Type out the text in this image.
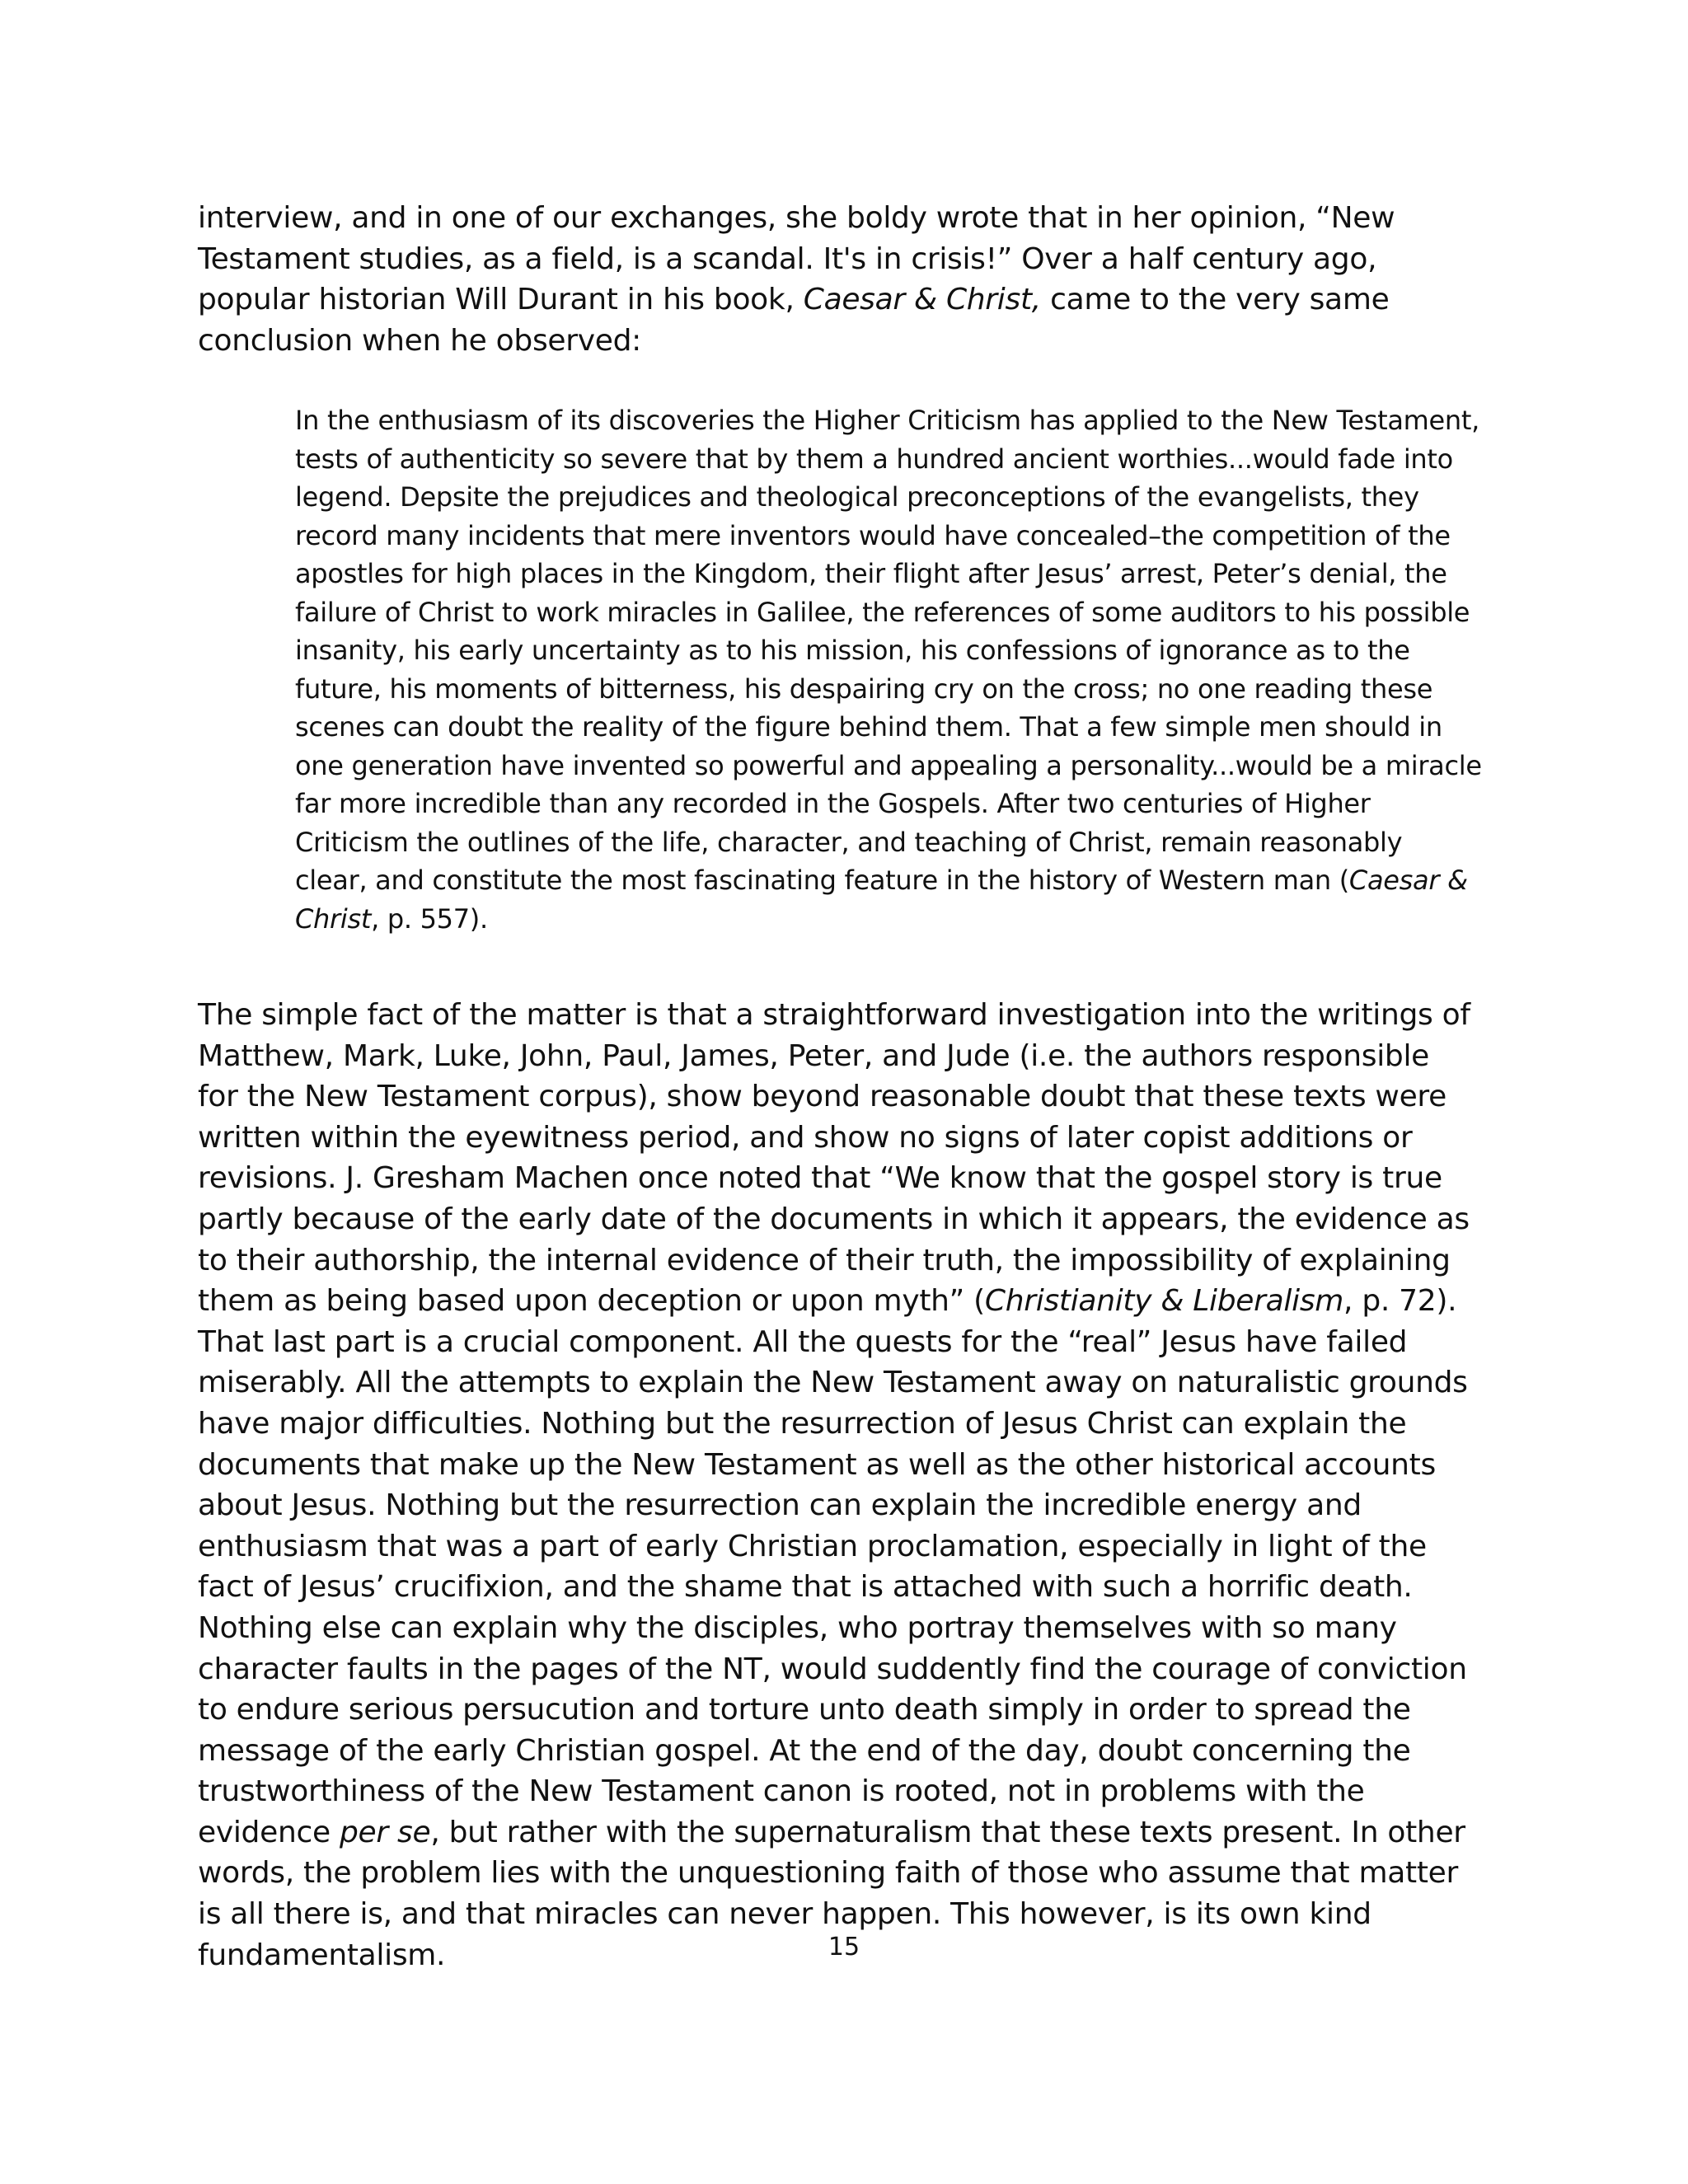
interview, and in one of our exchanges, she boldy wrote that in her opinion, “New Testament studies, as a field, is a scandal. It's in crisis!” Over a half century ago, popular historian Will Durant in his book, Caesar & Christ, came to the very same conclusion when he observed:

In the enthusiasm of its discoveries the Higher Criticism has applied to the New Testament, tests of authenticity so severe that by them a hundred ancient worthies...would fade into legend. Depsite the prejudices and theological preconceptions of the evangelists, they record many incidents that mere inventors would have concealed–the competition of the apostles for high places in the Kingdom, their flight after Jesus’ arrest, Peter’s denial, the failure of Christ to work miracles in Galilee, the references of some auditors to his possible insanity, his early uncertainty as to his mission, his confessions of ignorance as to the future, his moments of bitterness, his despairing cry on the cross; no one reading these scenes can doubt the reality of the figure behind them. That a few simple men should in one generation have invented so powerful and appealing a personality...would be a miracle far more incredible than any recorded in the Gospels. After two centuries of Higher Criticism the outlines of the life, character, and teaching of Christ, remain reasonably clear, and constitute the most fascinating feature in the history of Western man (Caesar & Christ, p. 557).

The simple fact of the matter is that a straightforward investigation into the writings of Matthew, Mark, Luke, John, Paul, James, Peter, and Jude (i.e. the authors responsible for the New Testament corpus), show beyond reasonable doubt that these texts were written within the eyewitness period, and show no signs of later copist additions or revisions. J. Gresham Machen once noted that “We know that the gospel story is true partly because of the early date of the documents in which it appears, the evidence as to their authorship, the internal evidence of their truth, the impossibility of explaining them as being based upon deception or upon myth” (Christianity & Liberalism, p. 72). That last part is a crucial component. All the quests for the “real” Jesus have failed miserably. All the attempts to explain the New Testament away on naturalistic grounds have major difficulties. Nothing but the resurrection of Jesus Christ can explain the documents that make up the New Testament as well as the other historical accounts about Jesus. Nothing but the resurrection can explain the incredible energy and enthusiasm that was a part of early Christian proclamation, especially in light of the fact of Jesus’ crucifixion, and the shame that is attached with such a horrific death. Nothing else can explain why the disciples, who portray themselves with so many character faults in the pages of the NT, would suddently find the courage of conviction to endure serious persucution and torture unto death simply in order to spread the message of the early Christian gospel. At the end of the day, doubt concerning the trustworthiness of the New Testament canon is rooted, not in problems with the evidence per se, but rather with the supernaturalism that these texts present. In other words, the problem lies with the unquestioning faith of those who assume that matter is all there is, and that miracles can never happen. This however, is its own kind fundamentalism.	15
